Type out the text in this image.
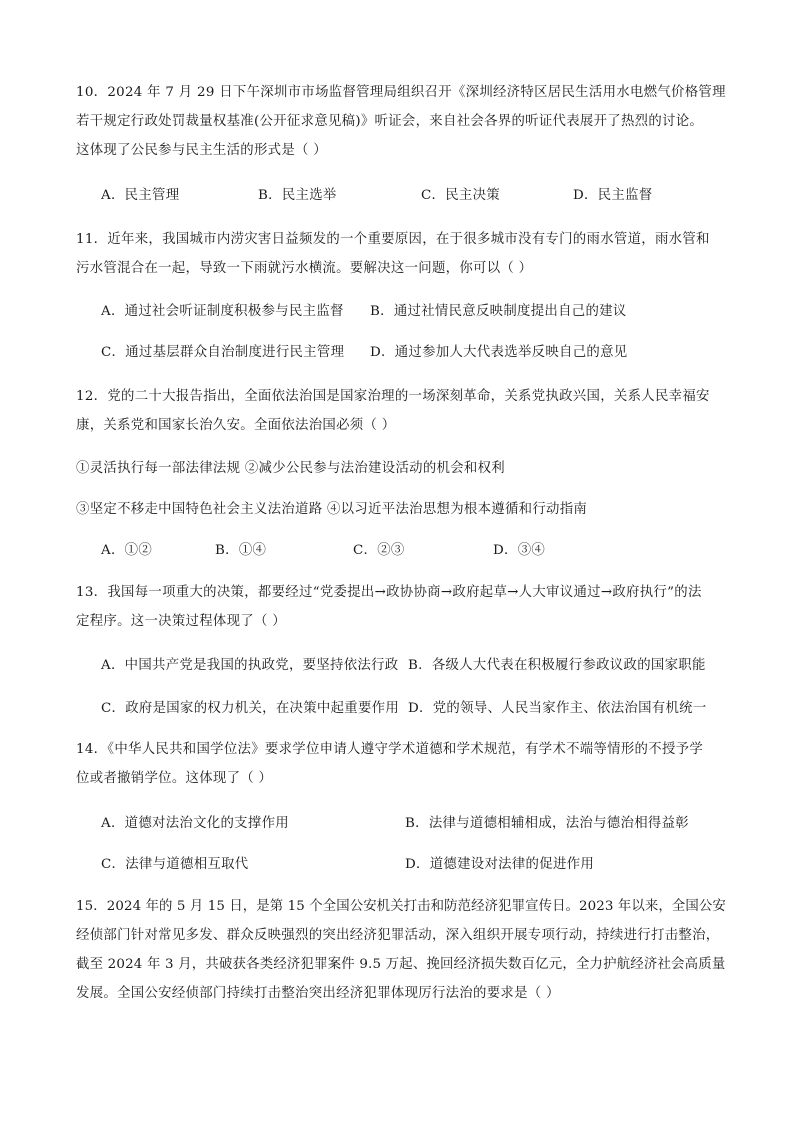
10．2024 年 7 月 29 日下午深圳市市场监督管理局组织召开《深圳经济特区居民生活用水电燃气价格管理
若干规定行政处罚裁量权基准(公开征求意见稿)》听证会，来自社会各界的听证代表展开了热烈的讨论。
这体现了公民参与民主生活的形式是（ ）
A．民主管理	B．民主选举	C．民主决策	D．民主监督
11．近年来，我国城市内涝灾害日益频发的一个重要原因，在于很多城市没有专门的雨水管道，雨水管和
污水管混合在一起，导致一下雨就污水横流。要解决这一问题，你可以（ ）
A．通过社会听证制度积极参与民主监督 B．通过社情民意反映制度提出自己的建议
C．通过基层群众自治制度进行民主管理 D．通过参加人大代表选举反映自己的意见
12．党的二十大报告指出，全面依法治国是国家治理的一场深刻革命，关系党执政兴国，关系人民幸福安
康，关系党和国家长治久安。全面依法治国必须（ ）
①灵活执行每一部法律法规 ②减少公民参与法治建设活动的机会和权利
③坚定不移走中国特色社会主义法治道路 ④以习近平法治思想为根本遵循和行动指南
A．①②	B．①④	C．②③	D．③④
13．我国每一项重大的决策，都要经过“党委提出→政协协商→政府起草→人大审议通过→政府执行”的法
定程序。这一决策过程体现了（ ）
A．中国共产党是我国的执政党，要坚持依法行政 B．各级人大代表在积极履行参政议政的国家职能
C．政府是国家的权力机关，在决策中起重要作用 D．党的领导、人民当家作主、依法治国有机统一
14．《中华人民共和国学位法》要求学位申请人遵守学术道德和学术规范，有学术不端等情形的不授予学
位或者撤销学位。这体现了（ ）
A．道德对法治文化的支撑作用	B．法律与道德相辅相成，法治与德治相得益彰
C．法律与道德相互取代	D．道德建设对法律的促进作用
15．2024 年的 5 月 15 日，是第 15 个全国公安机关打击和防范经济犯罪宣传日。2023 年以来，全国公安
经侦部门针对常见多发、群众反映强烈的突出经济犯罪活动，深入组织开展专项行动，持续进行打击整治，
截至 2024 年 3 月，共破获各类经济犯罪案件 9.5 万起、挽回经济损失数百亿元，全力护航经济社会高质量
发展。全国公安经侦部门持续打击整治突出经济犯罪体现厉行法治的要求是（ ）
